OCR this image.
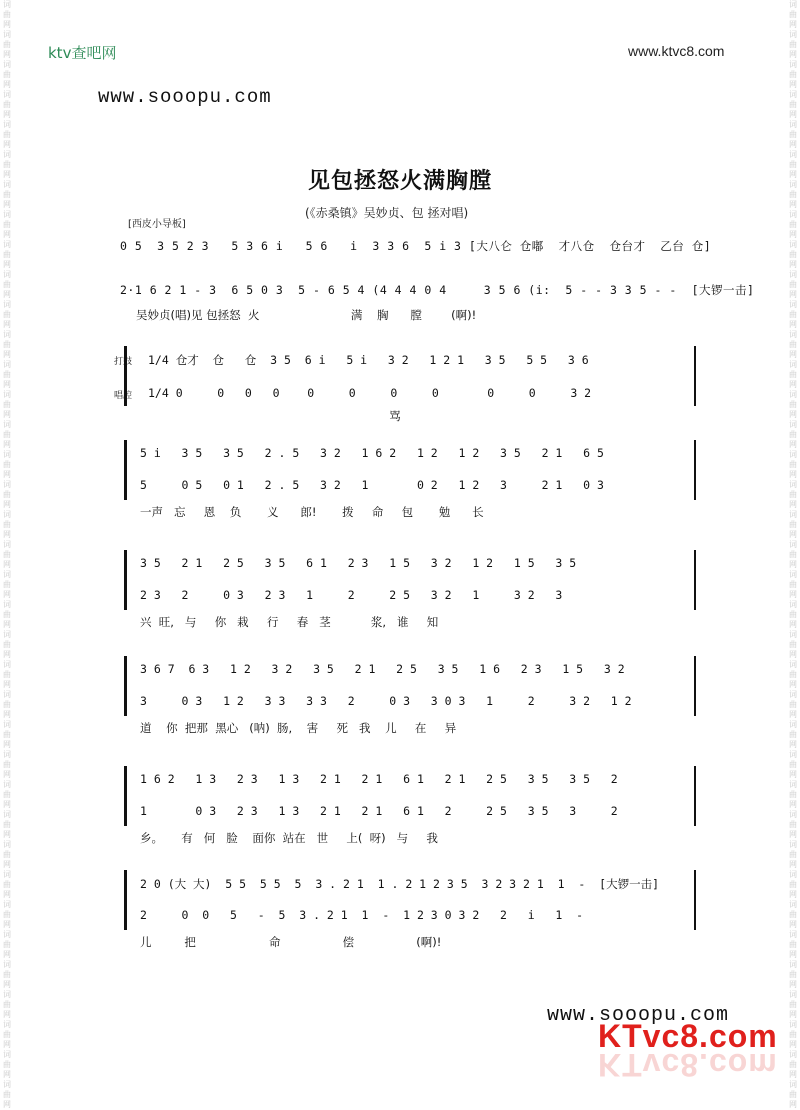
词
曲
网
词
曲
网
词
曲
网
词
曲
网
词
曲
网
词
曲
网
词
曲
网
词
曲
网
词
曲
网
词
曲
网
词
曲
网
词
曲
网
词
曲
网
词
曲
网
词
曲
网
词
曲
网
词
曲
网
词
曲
网
词
曲
网
词
曲
网
词
曲
网
词
曲
网
词
曲
网
词
曲
网
词
曲
网
词
曲
网
词
曲
网
词
曲
网
词
曲
网
词
曲
网
词
曲
网
词
曲
网
词
曲
网
词
曲
网
词
曲
网
词
曲
网
词
曲
网
词
曲
网
词
曲
网
词
曲
网
词
曲
网
词
曲
网
词
曲
网
词
曲
网
词
曲
网
词
曲
网
词
曲
网
词
曲
网
词
曲
网
词
曲
网
词
曲
网
词
曲
网
词
曲
网
词
曲
网
词
曲
网
词
曲
网
词
曲
网
词
曲
网
词
曲
网
词
曲
网
词
曲
网
词
曲
网
词
曲
网
词
曲
网
词
曲
网
词
曲
网
词
曲
网
词
曲
网
词
曲
网
词
曲
网
词
曲
网
词
曲
网
词
曲
网
词
曲
网
ktv查吧网	www.ktvc8.com
www.sooopu.com
见包拯怒火满胸膛
(《赤桑镇》吴妙贞、包 拯对唱)
[西皮小导板]
0 5  3 5 2 3   5 3 6 i   5 6   i  3 3 6  5 i 3 [大八仑 仓嘟  才八仓  仓台才  乙台 仓]
2·1 6 2 1 - 3  6 5 0 3  5 - 6 5 4 (4 4 4 0 4     3 5 6 (i:  5 - - 3 3 5 - -  [大锣一击]
吴妙贞(唱)见 包拯怒  火                         满    胸      膛        (啊)!
打鼓
唱腔
1/4 仓才  仓   仓  3 5  6 i   5 i   3 2   1 2 1   3 5   5 5   3 6
1/4 0     0   0   0    0     0     0     0       0     0     3 2
骂
5 i   3 5   3 5   2 . 5   3 2   1 6 2   1 2   1 2   3 5   2 1   6 5
5     0 5   0 1   2 . 5   3 2   1       0 2   1 2   3     2 1   0 3
一声   忘     恩    负       义      郎!       拨     命     包       勉      长
3 5   2 1   2 5   3 5   6 1   2 3   1 5   3 2   1 2   1 5   3 5
2 3   2     0 3   2 3   1     2     2 5   3 2   1     3 2   3
兴  旺,   与     你   栽     行     春   茎           浆,   谁     知
3 6 7  6 3   1 2   3 2   3 5   2 1   2 5   3 5   1 6   2 3   1 5   3 2
3     0 3   1 2   3 3   3 3   2     0 3   3 0 3   1     2     3 2   1 2
道    你  把那  黑心   (呐)  肠,    害     死   我    儿     在     异
1 6 2   1 3   2 3   1 3   2 1   2 1   6 1   2 1   2 5   3 5   3 5   2
1       0 3   2 3   1 3   2 1   2 1   6 1   2     2 5   3 5   3     2
乡。     有   何   脸    面你  站在   世     上(  呀)   与     我
2 0 (大 大)  5 5  5 5  5  3 . 2 1  1 . 2 1 2 3 5  3 2 3 2 1  1  -  [大锣一击]
2     0  0   5   -  5  3 . 2 1  1  -  1 2 3 0 3 2   2   i   1  -
儿         把                    命                 偿                 (啊)!
www.sooopu.com
KTvc8.com
KTvc8.com
